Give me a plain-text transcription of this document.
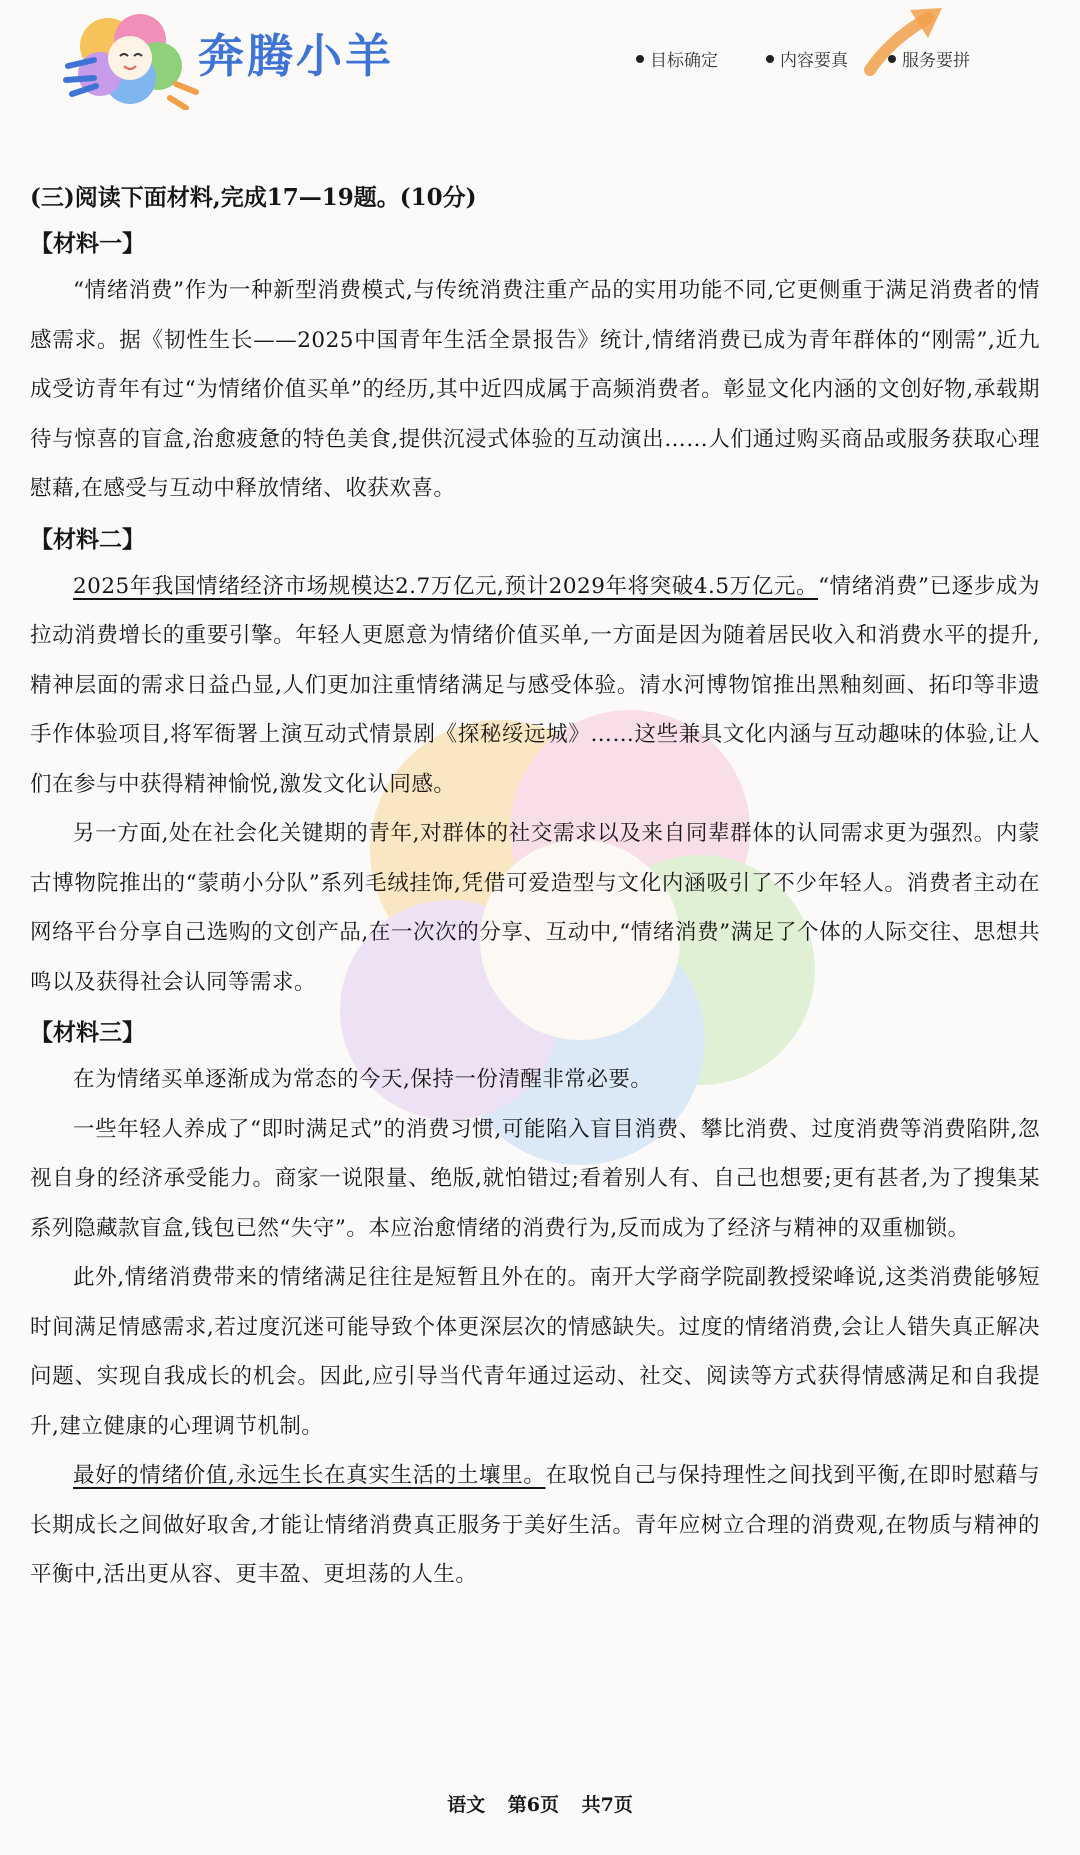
奔腾小羊	目标确定	内容要真	服务要拼

(三)阅读下面材料,完成17—19题。(10分)

【材料一】

“情绪消费”作为一种新型消费模式,与传统消费注重产品的实用功能不同,它更侧重于满足消费者的情感需求。据《韧性生长——2025中国青年生活全景报告》统计,情绪消费已成为青年群体的“刚需”,近九成受访青年有过“为情绪价值买单”的经历,其中近四成属于高频消费者。彰显文化内涵的文创好物,承载期待与惊喜的盲盒,治愈疲惫的特色美食,提供沉浸式体验的互动演出……人们通过购买商品或服务获取心理慰藉,在感受与互动中释放情绪、收获欢喜。

【材料二】

2025年我国情绪经济市场规模达2.7万亿元,预计2029年将突破4.5万亿元。“情绪消费”已逐步成为拉动消费增长的重要引擎。年轻人更愿意为情绪价值买单,一方面是因为随着居民收入和消费水平的提升,精神层面的需求日益凸显,人们更加注重情绪满足与感受体验。清水河博物馆推出黑釉刻画、拓印等非遗手作体验项目,将军衙署上演互动式情景剧《探秘绥远城》……这些兼具文化内涵与互动趣味的体验,让人们在参与中获得精神愉悦,激发文化认同感。

另一方面,处在社会化关键期的青年,对群体的社交需求以及来自同辈群体的认同需求更为强烈。内蒙古博物院推出的“蒙萌小分队”系列毛绒挂饰,凭借可爱造型与文化内涵吸引了不少年轻人。消费者主动在网络平台分享自己选购的文创产品,在一次次的分享、互动中,“情绪消费”满足了个体的人际交往、思想共鸣以及获得社会认同等需求。

【材料三】

在为情绪买单逐渐成为常态的今天,保持一份清醒非常必要。

一些年轻人养成了“即时满足式”的消费习惯,可能陷入盲目消费、攀比消费、过度消费等消费陷阱,忽视自身的经济承受能力。商家一说限量、绝版,就怕错过;看着别人有、自己也想要;更有甚者,为了搜集某系列隐藏款盲盒,钱包已然“失守”。本应治愈情绪的消费行为,反而成为了经济与精神的双重枷锁。

此外,情绪消费带来的情绪满足往往是短暂且外在的。南开大学商学院副教授梁峰说,这类消费能够短时间满足情感需求,若过度沉迷可能导致个体更深层次的情感缺失。过度的情绪消费,会让人错失真正解决问题、实现自我成长的机会。因此,应引导当代青年通过运动、社交、阅读等方式获得情感满足和自我提升,建立健康的心理调节机制。

最好的情绪价值,永远生长在真实生活的土壤里。在取悦自己与保持理性之间找到平衡,在即时慰藉与长期成长之间做好取舍,才能让情绪消费真正服务于美好生活。青年应树立合理的消费观,在物质与精神的平衡中,活出更从容、更丰盈、更坦荡的人生。

语文 第6页 共7页
